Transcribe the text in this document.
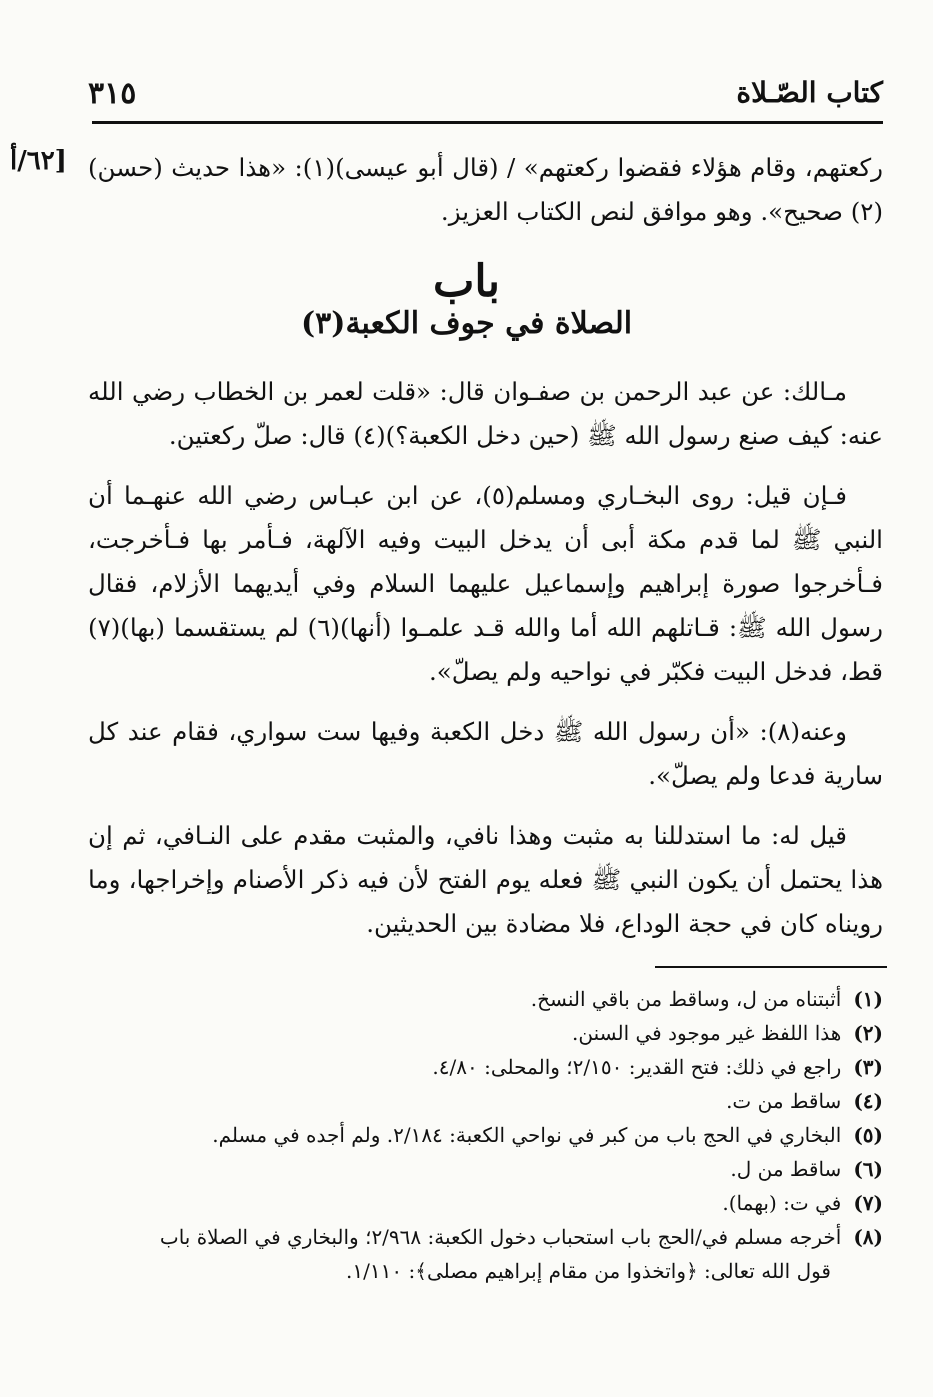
كتاب الصّـلاة
٣١٥
[٦٢/أ ركعتهم، وقام هؤلاء فقضوا ركعتهم» / (قال أبو عيسى)(١): «هذا حديث (حسن)(٢) صحيح». وهو موافق لنص الكتاب العزيز.

باب
الصلاة في جوف الكعبة(٣)

مـالك: عن عبد الرحمن بن صفـوان قال: «قلت لعمر بن الخطاب رضي الله عنه: كيف صنع رسول الله ﷺ (حين دخل الكعبة؟)(٤) قال: صلّ ركعتين.

فـإن قيل: روى البخـاري ومسلم(٥)، عن ابن عبـاس رضي الله عنهـما أن النبي ﷺ لما قدم مكة أبى أن يدخل البيت وفيه الآلهة، فـأمر بها فـأخرجت، فـأخرجوا صورة إبراهيم وإسماعيل عليهما السلام وفي أيديهما الأزلام، فقال رسول الله ﷺ: قـاتلهم الله أما والله قـد علمـوا (أنها)(٦) لم يستقسما (بها)(٧) قط، فدخل البيت فكبّر في نواحيه ولم يصلّ».

وعنه(٨): «أن رسول الله ﷺ دخل الكعبة وفيها ست سواري، فقام عند كل سارية فدعا ولم يصلّ».

قيل له: ما استدللنا به مثبت وهذا نافي، والمثبت مقدم على النـافي، ثم إن هذا يحتمل أن يكون النبي ﷺ فعله يوم الفتح لأن فيه ذكر الأصنام وإخراجها، وما رويناه كان في حجة الوداع، فلا مضادة بين الحديثين.

(١)
أثبتناه من ل، وساقط من باقي النسخ.

(٢)
هذا اللفظ غير موجود في السنن.

(٣)
راجع في ذلك: فتح القدير: ٢/١٥٠؛ والمحلى: ٤/٨٠.

(٤)
ساقط من ت.

(٥)
البخاري في الحج باب من كبر في نواحي الكعبة: ٢/١٨٤. ولم أجده في مسلم.

(٦)
ساقط من ل.

(٧)
في ت: (بهما).

(٨)
أخرجه مسلم في/الحج باب استحباب دخول الكعبة: ٢/٩٦٨؛ والبخاري في الصلاة باب

قول الله تعالى: ﴿واتخذوا من مقام إبراهيم مصلى﴾: ١/١١٠.
